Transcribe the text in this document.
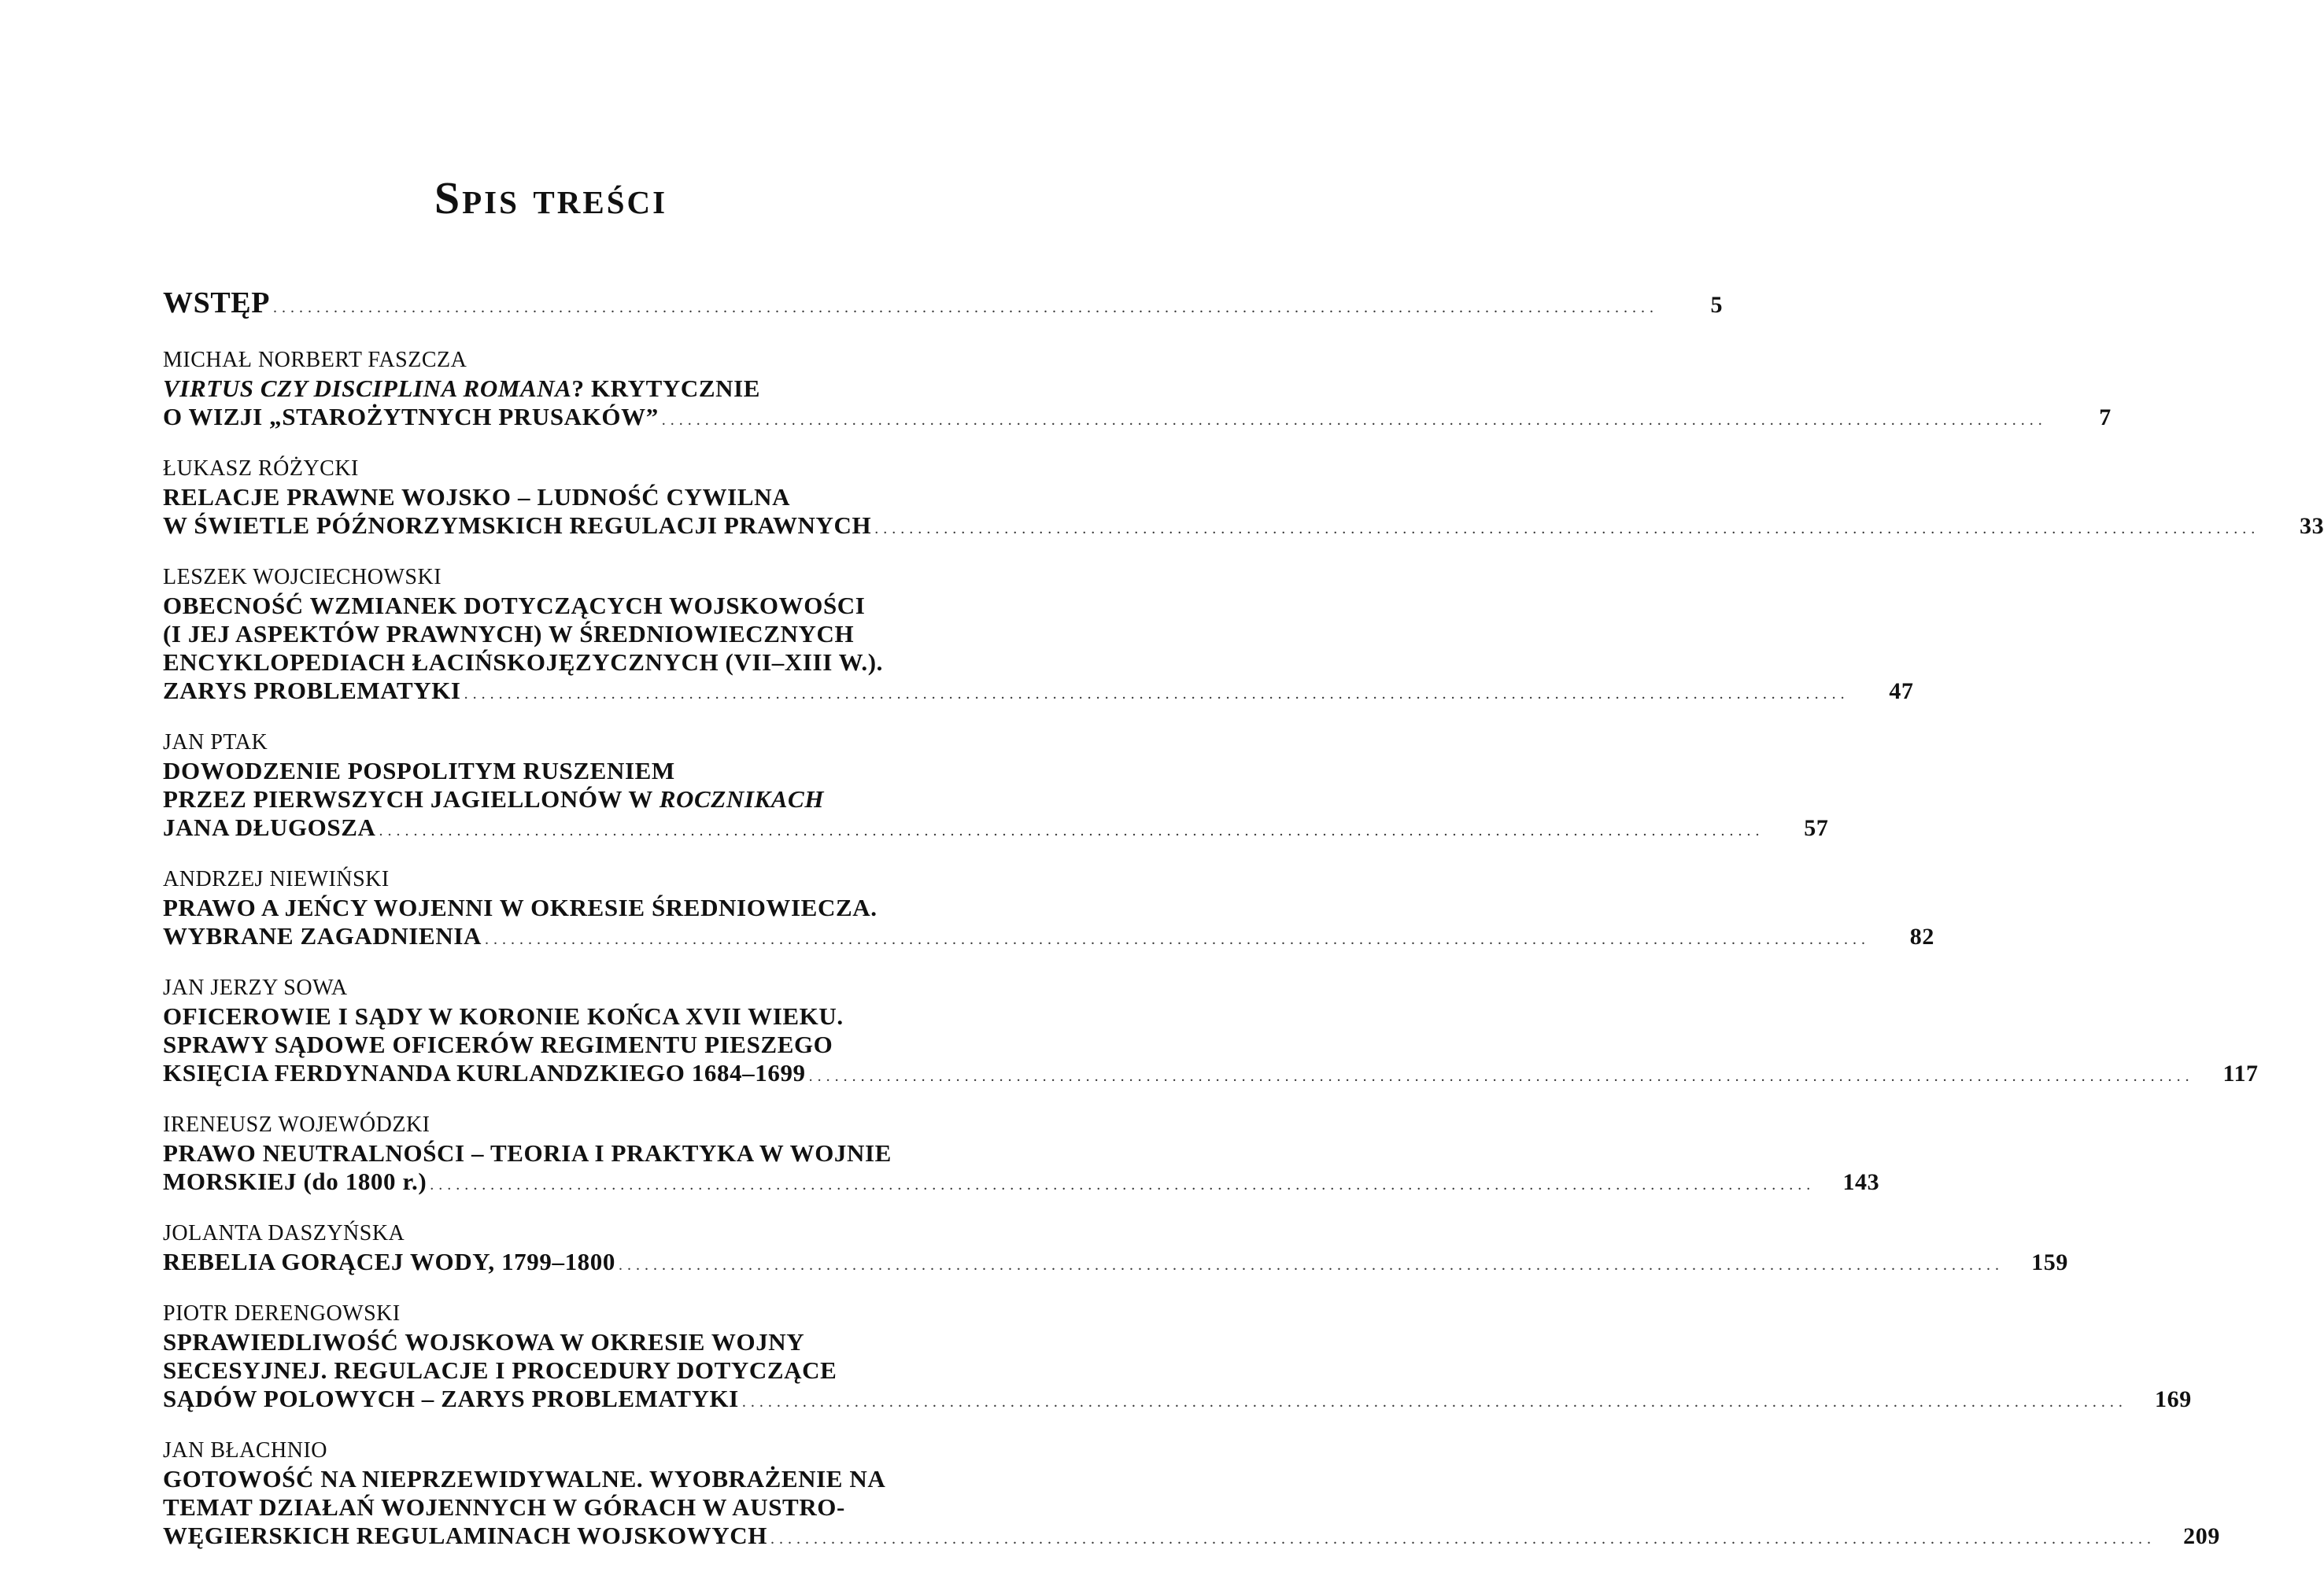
Spis treści
WSTĘP ................................................................................................................................................................	5
MICHAŁ NORBERT FASZCZA
VIRTUS CZY DISCIPLINA ROMANA? KRYTYCZNIE
O WIZJI „STAROŻYTNYCH PRUSAKÓW” ................................................................................................................................................................	7
ŁUKASZ RÓŻYCKI
RELACJE PRAWNE WOJSKO – LUDNOŚĆ CYWILNA
W ŚWIETLE PÓŹNORZYMSKICH REGULACJI PRAWNYCH ................................................................................................................................................................	33
LESZEK WOJCIECHOWSKI
OBECNOŚĆ WZMIANEK DOTYCZĄCYCH WOJSKOWOŚCI
(I JEJ ASPEKTÓW PRAWNYCH) W ŚREDNIOWIECZNYCH
ENCYKLOPEDIACH ŁACIŃSKOJĘZYCZNYCH (VII–XIII W.).
ZARYS PROBLEMATYKI ................................................................................................................................................................	47
JAN PTAK
DOWODZENIE POSPOLITYM RUSZENIEM
PRZEZ PIERWSZYCH JAGIELLONÓW W ROCZNIKACH
JANA DŁUGOSZA ................................................................................................................................................................	57
ANDRZEJ NIEWIŃSKI
PRAWO A JEŃCY WOJENNI W OKRESIE ŚREDNIOWIECZA.
WYBRANE ZAGADNIENIA ................................................................................................................................................................	82
JAN JERZY SOWA
OFICEROWIE I SĄDY W KORONIE KOŃCA XVII WIEKU.
SPRAWY SĄDOWE OFICERÓW REGIMENTU PIESZEGO
KSIĘCIA FERDYNANDA KURLANDZKIEGO 1684–1699 ................................................................................................................................................................	117
IRENEUSZ WOJEWÓDZKI
PRAWO NEUTRALNOŚCI – TEORIA I PRAKTYKA W WOJNIE
MORSKIEJ (do 1800 r.) ................................................................................................................................................................	143
JOLANTA DASZYŃSKA
REBELIA GORĄCEJ WODY, 1799–1800 ................................................................................................................................................................	159
PIOTR DERENGOWSKI
SPRAWIEDLIWOŚĆ WOJSKOWA W OKRESIE WOJNY
SECESYJNEJ. REGULACJE I PROCEDURY DOTYCZĄCE
SĄDÓW POLOWYCH – ZARYS PROBLEMATYKI ................................................................................................................................................................	169
JAN BŁACHNIO
GOTOWOŚĆ NA NIEPRZEWIDYWALNE. WYOBRAŻENIE NA
TEMAT DZIAŁAŃ WOJENNYCH W GÓRACH W AUSTRO-
WĘGIERSKICH REGULAMINACH WOJSKOWYCH ................................................................................................................................................................	209
